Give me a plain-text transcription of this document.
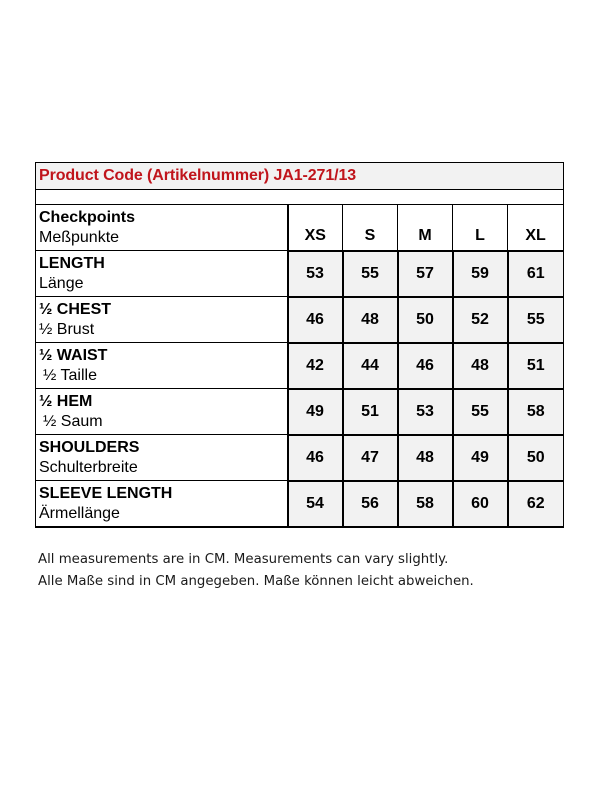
Product Code (Artikelnummer) JA1-271/13					

Checkpoints
Meßpunkte	XS	S	M	L	XL

LENGTH
Länge	53	55	57	59	61

½ CHEST
½ Brust	46	48	50	52	55

½ WAIST
½ Taille	42	44	46	48	51

½ HEM
½ Saum	49	51	53	55	58

SHOULDERS
Schulterbreite	46	47	48	49	50

SLEEVE LENGTH
Ärmellänge	54	56	58	60	62
All measurements are in CM. Measurements can vary slightly.
Alle Maße sind in CM angegeben. Maße können leicht abweichen.
